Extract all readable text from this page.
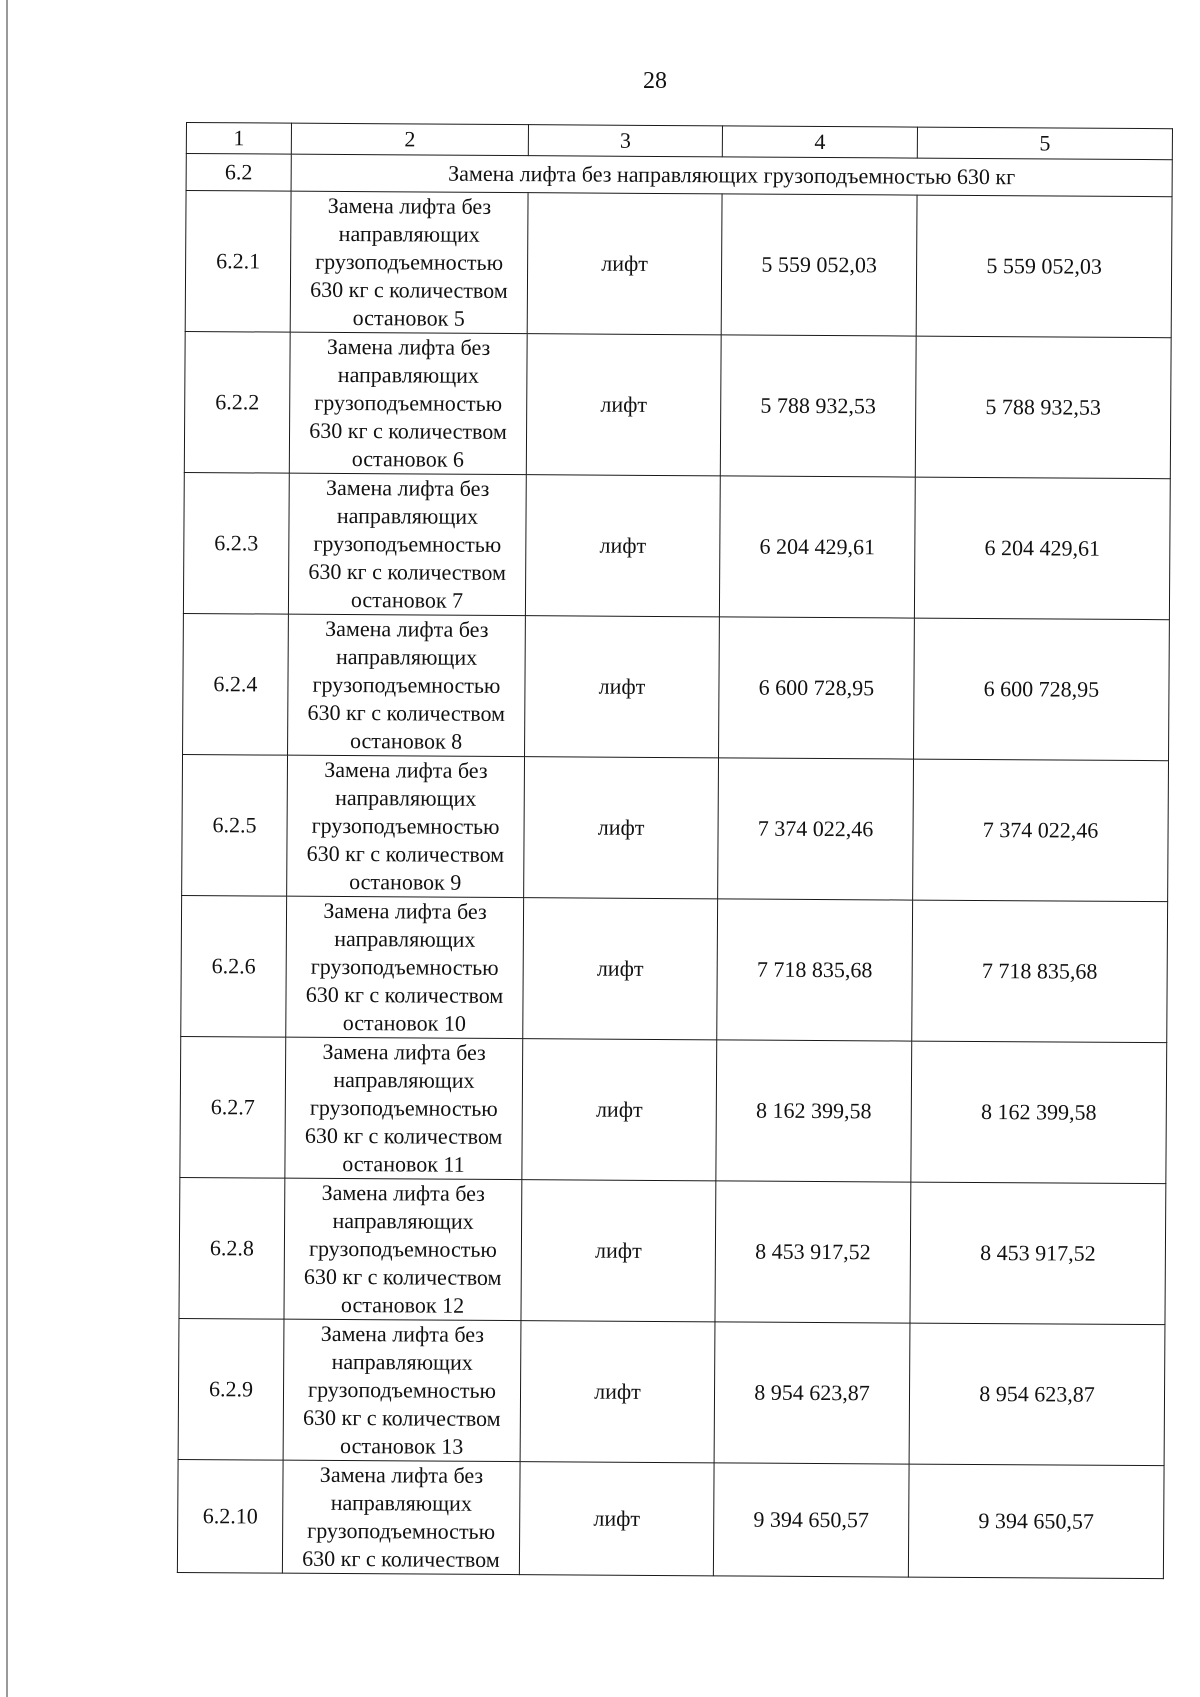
28
1	2	3	4	5
6.2	Замена лифта без направляющих грузоподъемностью 630 кг			
6.2.1	Замена лифта без
направляющих
грузоподъемностью
630 кг с количеством
остановок 5	лифт	5 559 052,03	5 559 052,03
6.2.2	Замена лифта без
направляющих
грузоподъемностью
630 кг с количеством
остановок 6	лифт	5 788 932,53	5 788 932,53
6.2.3	Замена лифта без
направляющих
грузоподъемностью
630 кг с количеством
остановок 7	лифт	6 204 429,61	6 204 429,61
6.2.4	Замена лифта без
направляющих
грузоподъемностью
630 кг с количеством
остановок 8	лифт	6 600 728,95	6 600 728,95
6.2.5	Замена лифта без
направляющих
грузоподъемностью
630 кг с количеством
остановок 9	лифт	7 374 022,46	7 374 022,46
6.2.6	Замена лифта без
направляющих
грузоподъемностью
630 кг с количеством
остановок 10	лифт	7 718 835,68	7 718 835,68
6.2.7	Замена лифта без
направляющих
грузоподъемностью
630 кг с количеством
остановок 11	лифт	8 162 399,58	8 162 399,58
6.2.8	Замена лифта без
направляющих
грузоподъемностью
630 кг с количеством
остановок 12	лифт	8 453 917,52	8 453 917,52
6.2.9	Замена лифта без
направляющих
грузоподъемностью
630 кг с количеством
остановок 13	лифт	8 954 623,87	8 954 623,87
6.2.10	Замена лифта без
направляющих
грузоподъемностью
630 кг с количеством	лифт	9 394 650,57	9 394 650,57
